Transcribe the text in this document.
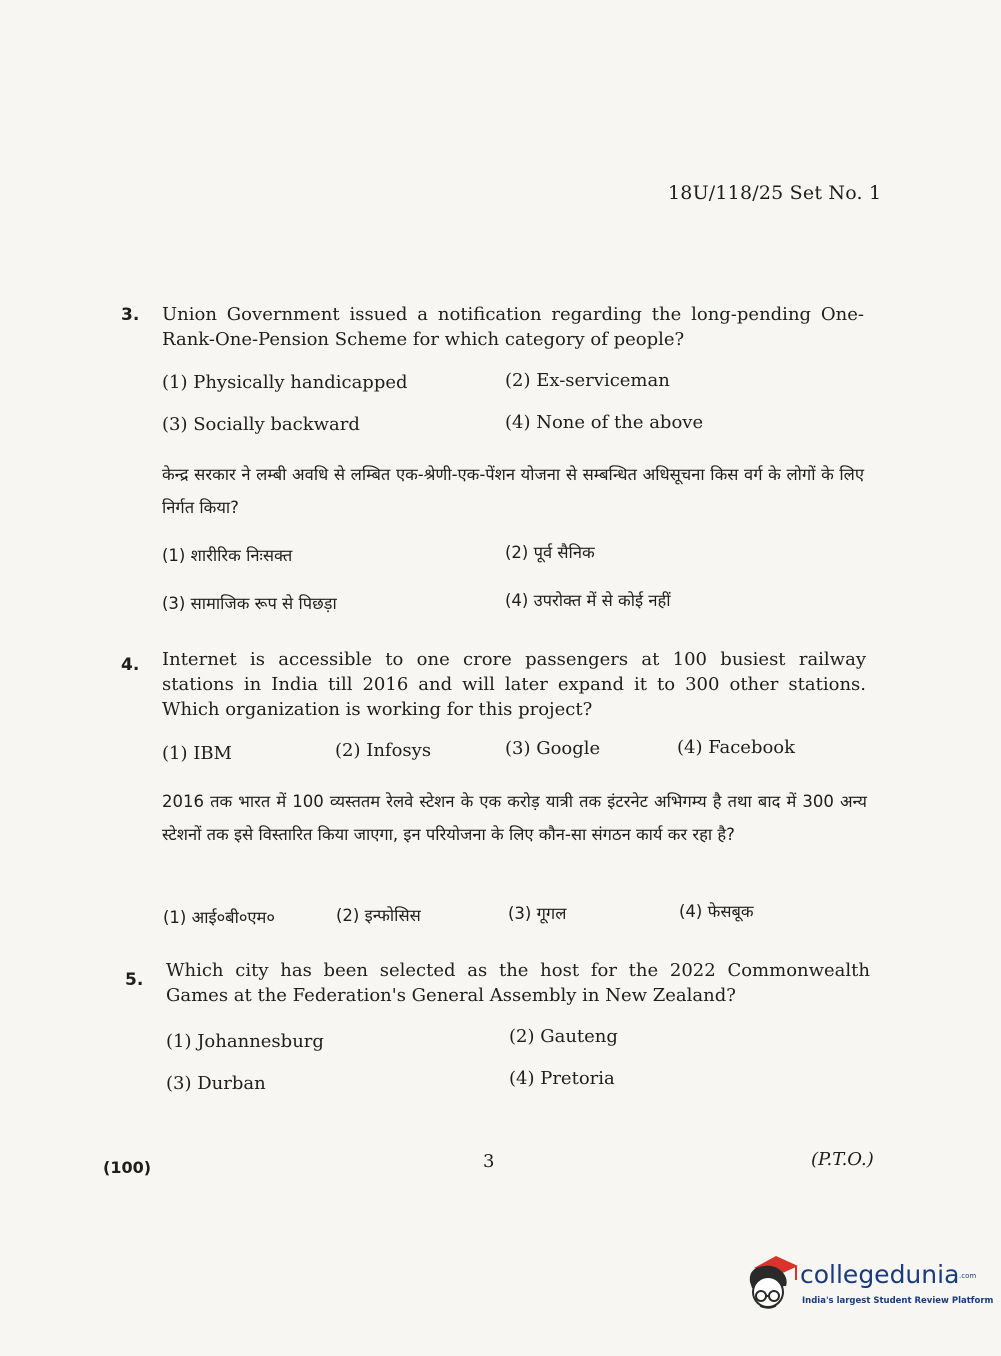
18U/118/25 Set No. 1
3. Union Government issued a notification regarding the long-pending One-Rank-One-Pension Scheme for which category of people?
(1) Physically handicapped	(2) Ex-serviceman
(3) Socially backward	(4) None of the above
केन्द्र सरकार ने लम्बी अवधि से लम्बित एक-श्रेणी-एक-पेंशन योजना से सम्बन्धित अधिसूचना किस वर्ग के लोगों के लिए निर्गत किया?
(1) शारीरिक निःसक्त	(2) पूर्व सैनिक
(3) सामाजिक रूप से पिछड़ा	(4) उपरोक्त में से कोई नहीं
4. Internet is accessible to one crore passengers at 100 busiest railway stations in India till 2016 and will later expand it to 300 other stations. Which organization is working for this project?
(1) IBM	(2) Infosys	(3) Google	(4) Facebook
2016 तक भारत में 100 व्यस्ततम रेलवे स्टेशन के एक करोड़ यात्री तक इंटरनेट अभिगम्य है तथा बाद में 300 अन्य स्टेशनों तक इसे विस्तारित किया जाएगा, इन परियोजना के लिए कौन-सा संगठन कार्य कर रहा है?
(1) आई०बी०एम०	(2) इन्फोसिस	(3) गूगल	(4) फेसबूक
5. Which city has been selected as the host for the 2022 Commonwealth Games at the Federation's General Assembly in New Zealand?
(1) Johannesburg	(2) Gauteng
(3) Durban	(4) Pretoria
(100)	3	(P.T.O.)
collegedunia .com
India's largest Student Review Platform
